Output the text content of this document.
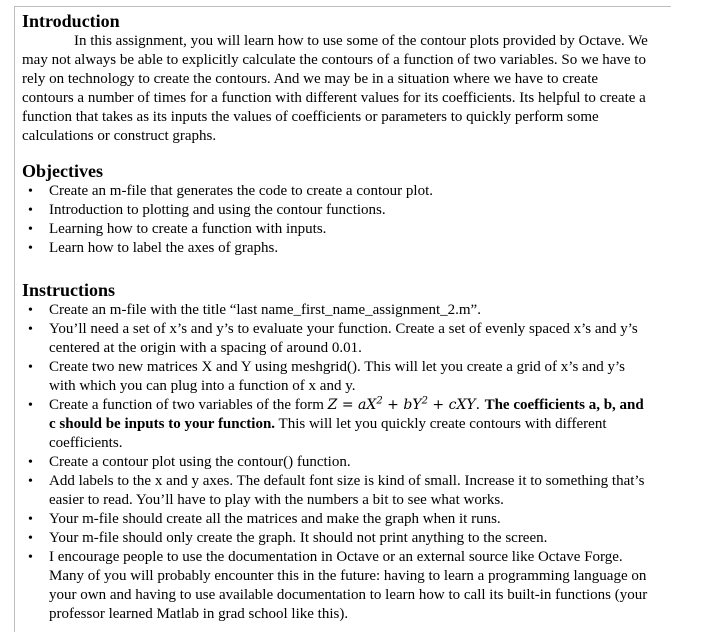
Introduction

In this assignment, you will learn how to use some of the contour plots provided by Octave. We may not always be able to explicitly calculate the contours of a function of two variables. So we have to rely on technology to create the contours. And we may be in a situation where we have to create contours a number of times for a function with different values for its coefficients. Its helpful to create a function that takes as its inputs the values of coefficients or parameters to quickly perform some calculations or construct graphs.

Objectives
• Create an m-file that generates the code to create a contour plot.
• Introduction to plotting and using the contour functions.
• Learning how to create a function with inputs.
• Learn how to label the axes of graphs.
Instructions
• Create an m-file with the title “last name_first_name_assignment_2.m”.
• You’ll need a set of x’s and y’s to evaluate your function. Create a set of evenly spaced x’s and y’s centered at the origin with a spacing of around 0.01.
• Create two new matrices X and Y using meshgrid(). This will let you create a grid of x’s and y’s with which you can plug into a function of x and y.
• Create a function of two variables of the form $Z = aX^2 + bY^2$ + cXY. The coefficients a, b, and c should be inputs to your function. This will let you quickly create contours with different coefficients.
• Create a contour plot using the contour() function.
• Add labels to the x and y axes. The default font size is kind of small. Increase it to something that’s easier to read. You’ll have to play with the numbers a bit to see what works.
• Your m-file should create all the matrices and make the graph when it runs.
• Your m-file should only create the graph. It should not print anything to the screen.
• I encourage people to use the documentation in Octave or an external source like Octave Forge. Many of you will probably encounter this in the future: having to learn a programming language on your own and having to use available documentation to learn how to call its built-in functions (your professor learned Matlab in grad school like this).
